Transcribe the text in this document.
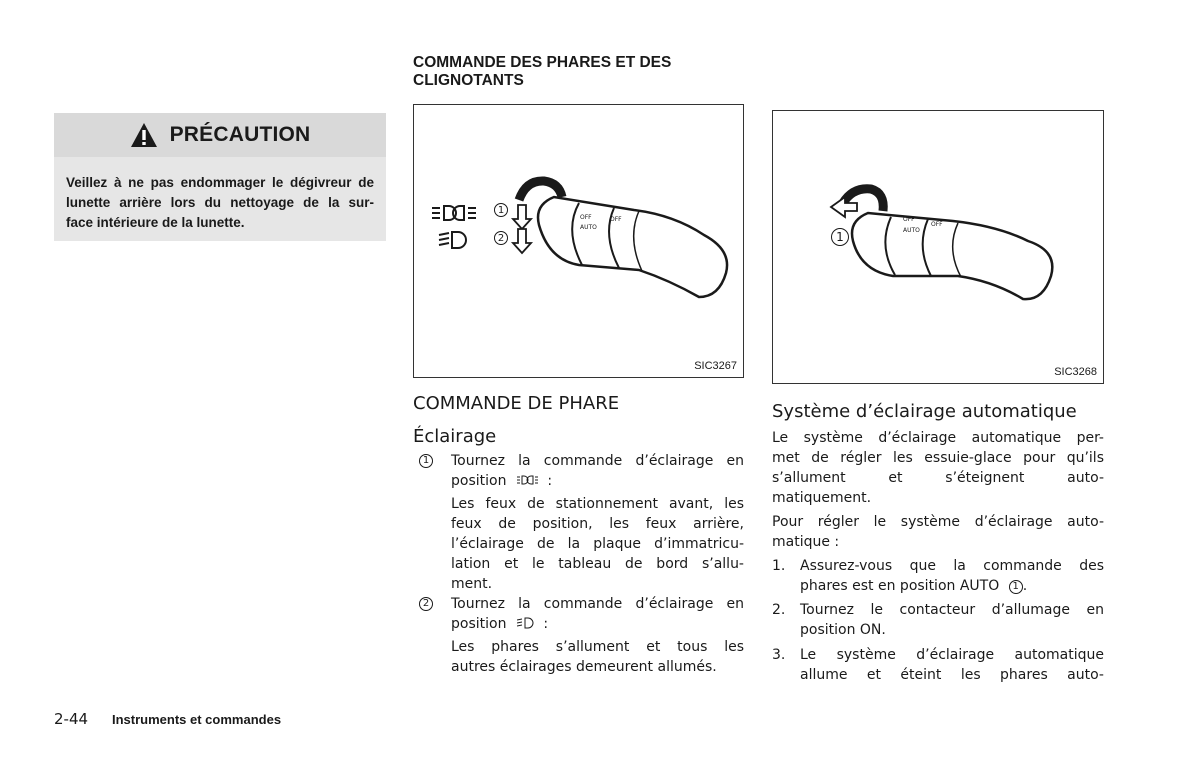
PRÉCAUTION
Veillez à ne pas endommager le dégivreur de
lunette arrière lors du nettoyage de la sur-
face intérieure de la lunette.
COMMANDE DES PHARES ET DES
CLIGNOTANTS
OFF
AUTO
OFF
1
2
SIC3267
OFF
AUTO
OFF
1
SIC3268
COMMANDE DE PHARE
Éclairage
1 Tournez la commande d’éclairage en
position	:
Les feux de stationnement avant, les
feux de position, les feux arrière,
l’éclairage de la plaque d’immatricu-
lation et le tableau de bord s’allu-
ment.
2 Tournez la commande d’éclairage en
position	:
Les phares s’allument et tous les
autres éclairages demeurent allumés.
Système d’éclairage automatique
Le système d’éclairage automatique per-
met de régler les essuie-glace pour qu’ils
s’allument et s’éteignent auto-
matiquement.
Pour régler le système d’éclairage auto-
matique :
1. Assurez-vous que la commande des
phares est en position AUTO 1 .
2. Tournez le contacteur d’allumage en
position ON.
3. Le système d’éclairage automatique
allume et éteint les phares auto-
2-44 Instruments et commandes
